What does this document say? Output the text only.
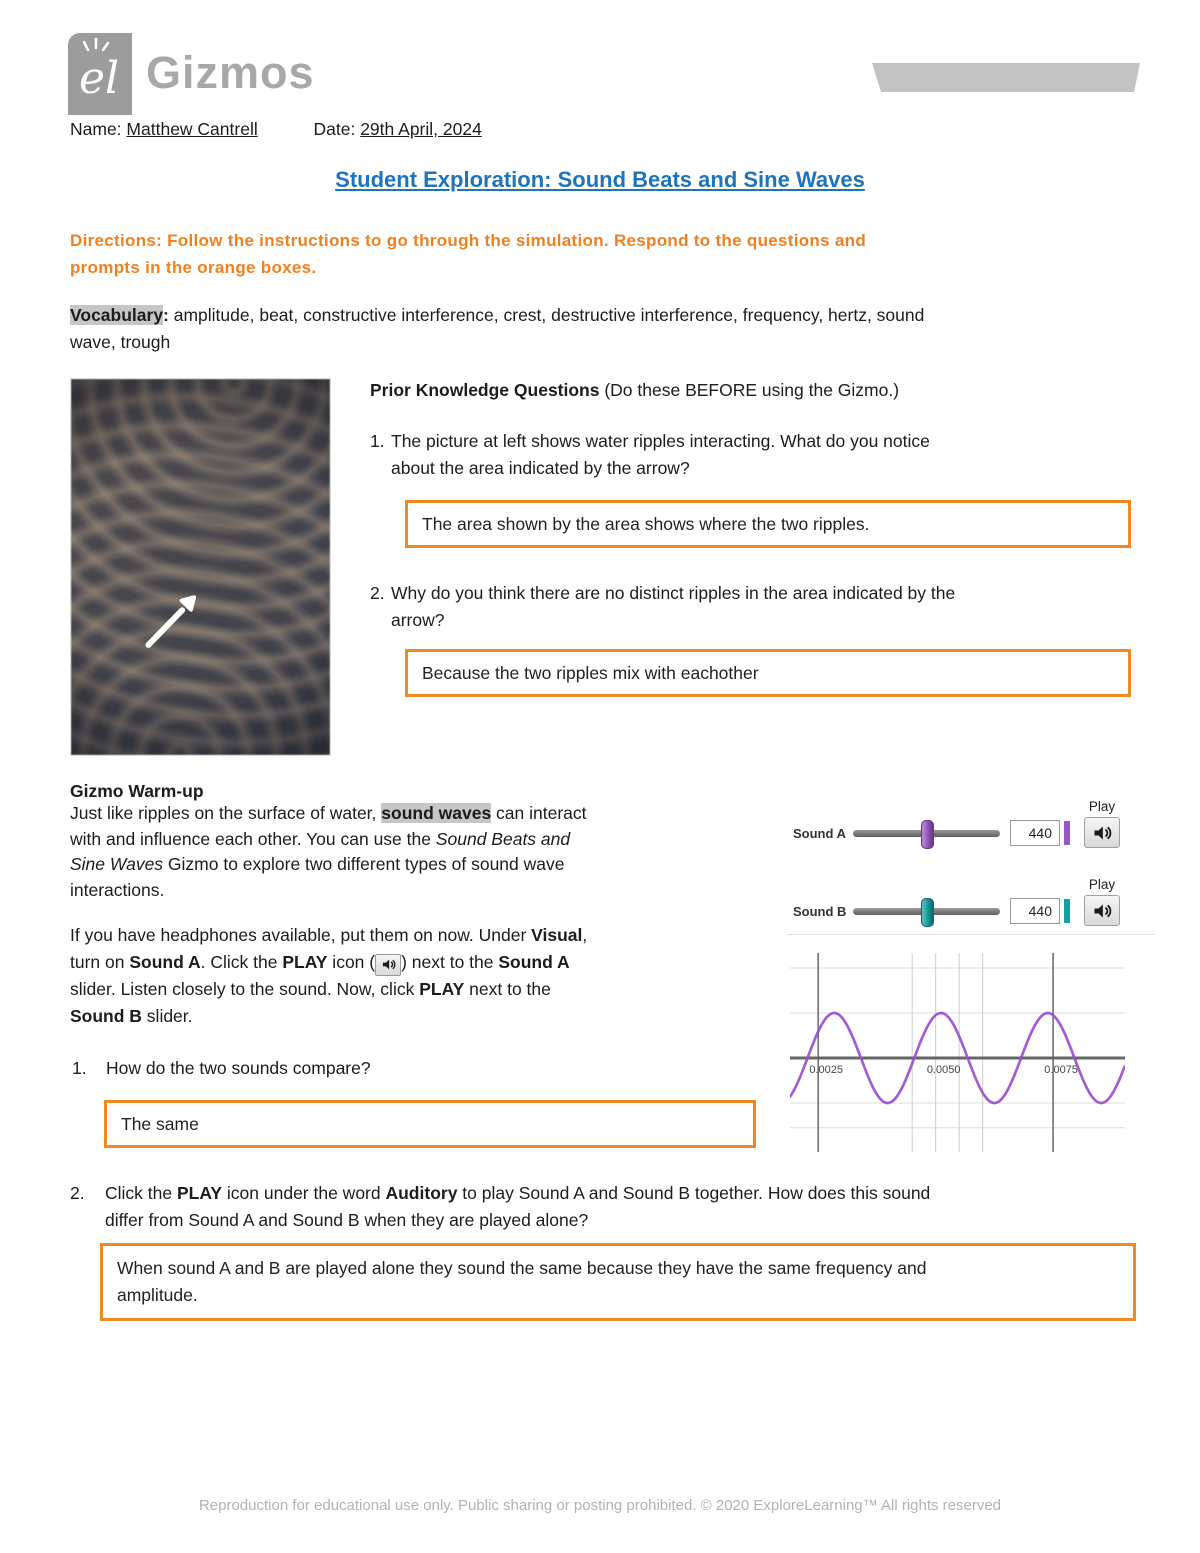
el Gizmos
Name: Matthew Cantrell	Date: 29th April, 2024
Student Exploration: Sound Beats and Sine Waves
Directions: Follow the instructions to go through the simulation. Respond to the questions and
prompts in the orange boxes.
Vocabulary: amplitude, beat, constructive interference, crest, destructive interference, frequency, hertz, sound
wave, trough
Prior Knowledge Questions (Do these BEFORE using the Gizmo.)
1. The picture at left shows water ripples interacting. What do you notice
about the area indicated by the arrow?
The area shown by the area shows where the two ripples.
2. Why do you think there are no distinct ripples in the area indicated by the
arrow?
Because the two ripples mix with eachother
Gizmo Warm-up
Just like ripples on the surface of water, sound waves can interact
with and influence each other. You can use the Sound Beats and
Sine Waves Gizmo to explore two different types of sound wave
interactions.
If you have headphones available, put them on now. Under Visual,
turn on Sound A. Click the PLAY icon ( ) next to the Sound A
slider. Listen closely to the sound. Now, click PLAY next to the
Sound B slider.
1.	How do the two sounds compare?
The same
2.	Click the PLAY icon under the word Auditory to play Sound A and Sound B together. How does this sound
differ from Sound A and Sound B when they are played alone?
When sound A and B are played alone they sound the same because they have the same frequency and
amplitude.
Sound A	440
Play
Sound B	440
Play
0.0025	0.0050	0.0075
Reproduction for educational use only. Public sharing or posting prohibited. © 2020 ExploreLearning™ All rights reserved
